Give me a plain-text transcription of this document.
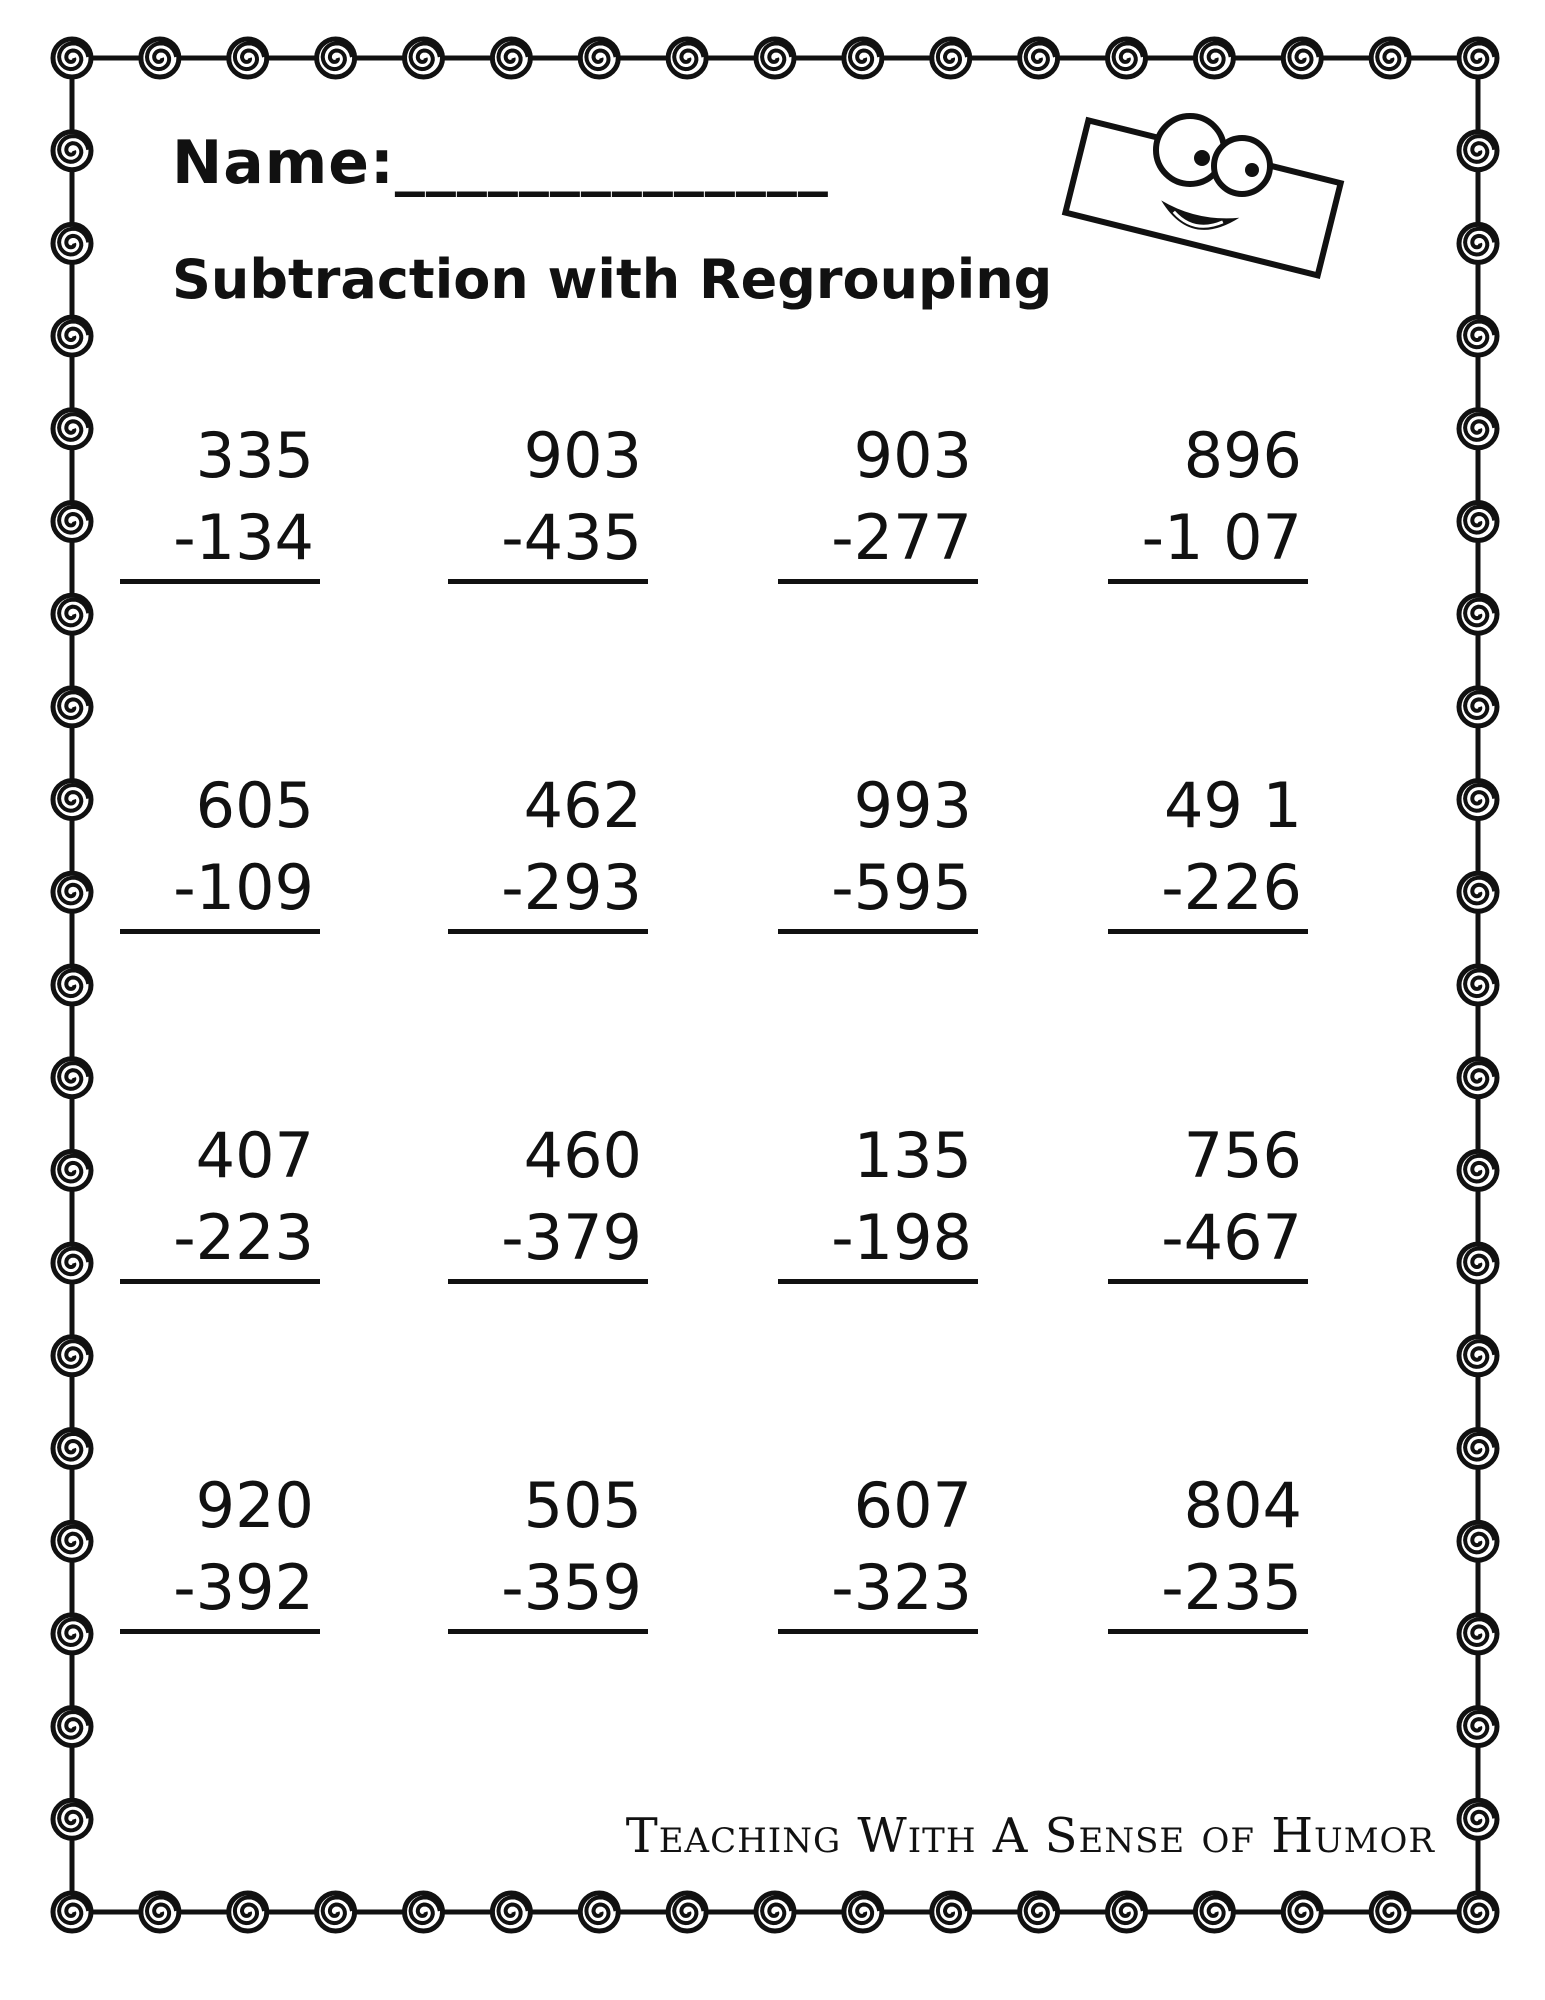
Name:______________
Subtraction with Regrouping
335
-134
903
-435
903
-277
896
-1 07
605
-109
462
-293
993
-595
49 1
-226
407
-223
460
-379
135
-198
756
-467
920
-392
505
-359
607
-323
804
-235
Teaching With A Sense of Humor
